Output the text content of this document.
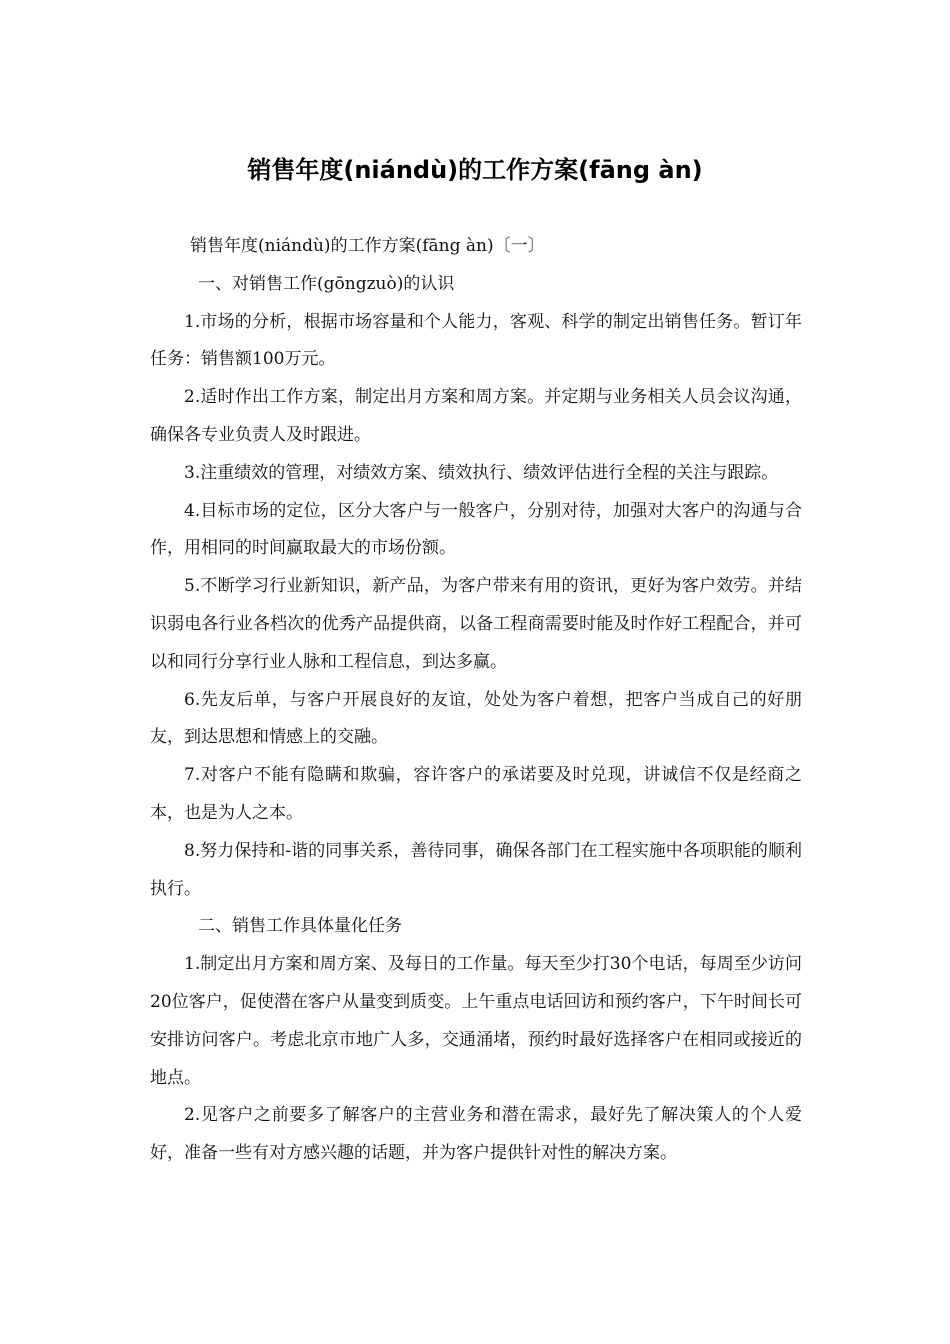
销售年度(niándù)的工作方案(fāng àn)

销售年度(niándù)的工作方案(fāng àn)〔一〕

一、对销售工作(gōngzuò)的认识

1.市场的分析，根据市场容量和个人能力，客观、科学的制定出销售任务。暂订年任务：销售额100万元。

2.适时作出工作方案，制定出月方案和周方案。并定期与业务相关人员会议沟通，确保各专业负责人及时跟进。

3.注重绩效的管理，对绩效方案、绩效执行、绩效评估进行全程的关注与跟踪。

4.目标市场的定位，区分大客户与一般客户，分别对待，加强对大客户的沟通与合作，用相同的时间赢取最大的市场份额。

5.不断学习行业新知识，新产品，为客户带来有用的资讯，更好为客户效劳。并结识弱电各行业各档次的优秀产品提供商，以备工程商需要时能及时作好工程配合，并可以和同行分享行业人脉和工程信息，到达多赢。

6.先友后单，与客户开展良好的友谊，处处为客户着想，把客户当成自己的好朋友，到达思想和情感上的交融。

7.对客户不能有隐瞒和欺骗，容许客户的承诺要及时兑现，讲诚信不仅是经商之本，也是为人之本。

8.努力保持和-谐的同事关系，善待同事，确保各部门在工程实施中各项职能的顺利执行。

二、销售工作具体量化任务

1.制定出月方案和周方案、及每日的工作量。每天至少打30个电话，每周至少访问20位客户，促使潜在客户从量变到质变。上午重点电话回访和预约客户，下午时间长可安排访问客户。考虑北京市地广人多，交通涌堵，预约时最好选择客户在相同或接近的地点。

2.见客户之前要多了解客户的主营业务和潜在需求，最好先了解决策人的个人爱好，准备一些有对方感兴趣的话题，并为客户提供针对性的解决方案。
